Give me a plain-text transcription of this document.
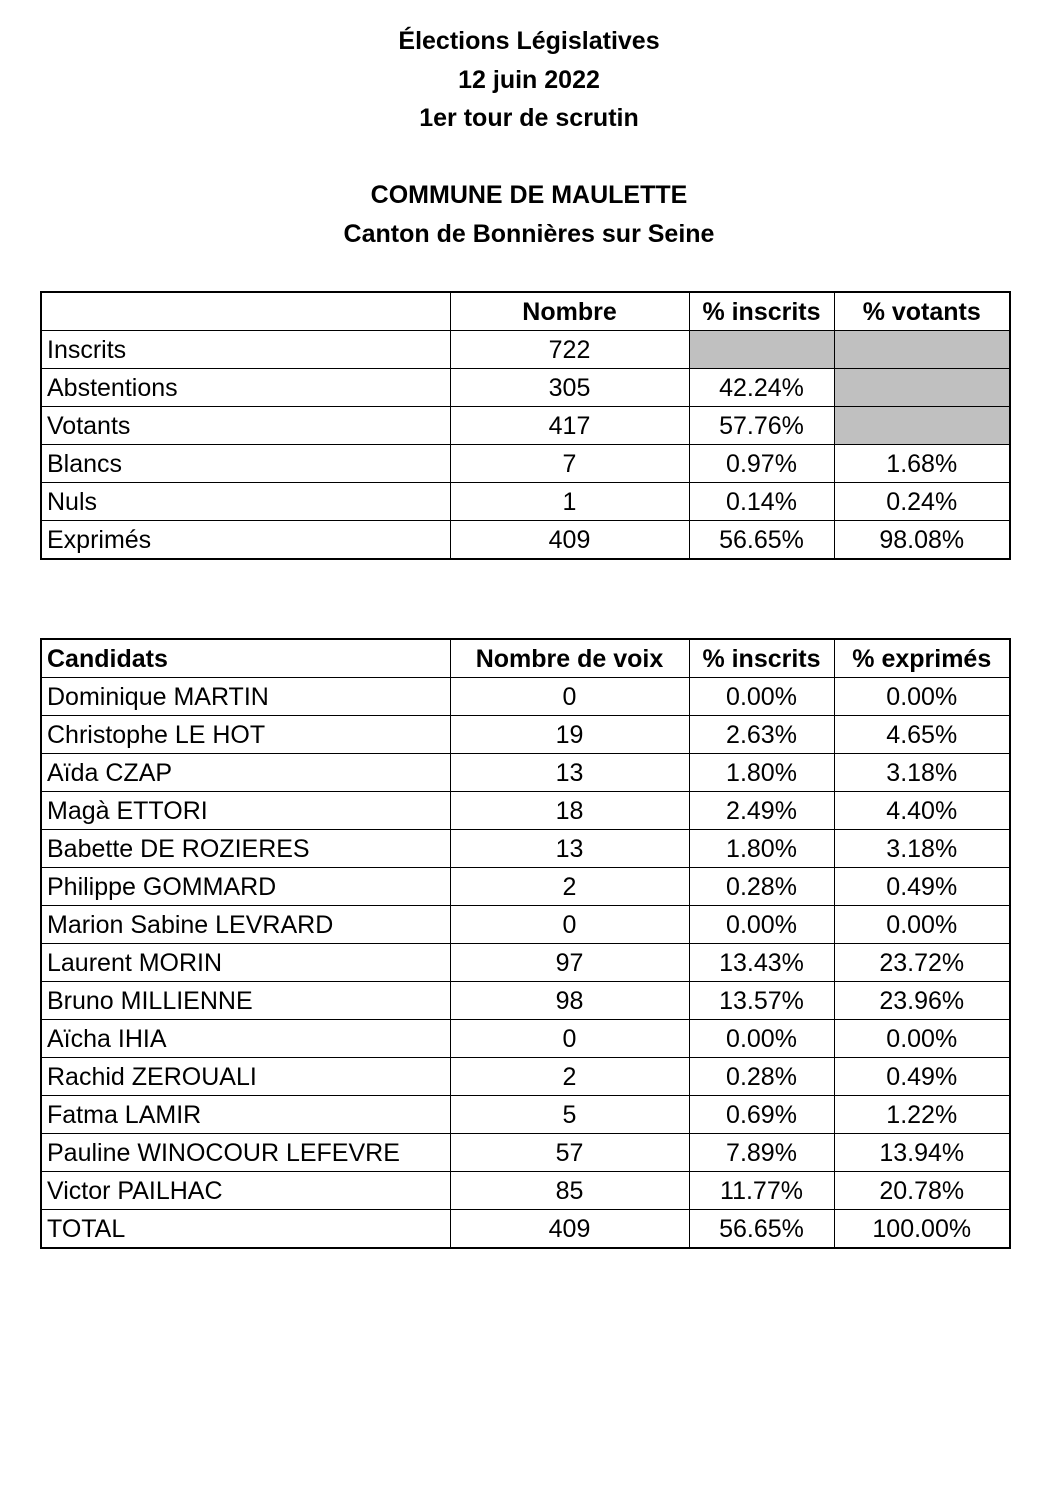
Élections Législatives
12 juin 2022
1er tour de scrutin
COMMUNE DE MAULETTE
Canton de Bonnières sur Seine
	Nombre	% inscrits	% votants
Inscrits	722		
Abstentions	305	42.24%	
Votants	417	57.76%	
Blancs	7	0.97%	1.68%
Nuls	1	0.14%	0.24%
Exprimés	409	56.65%	98.08%
Candidats	Nombre de voix	% inscrits	% exprimés
Dominique MARTIN	0	0.00%	0.00%
Christophe LE HOT	19	2.63%	4.65%
Aïda CZAP	13	1.80%	3.18%
Magà ETTORI	18	2.49%	4.40%
Babette DE ROZIERES	13	1.80%	3.18%
Philippe GOMMARD	2	0.28%	0.49%
Marion Sabine LEVRARD	0	0.00%	0.00%
Laurent MORIN	97	13.43%	23.72%
Bruno MILLIENNE	98	13.57%	23.96%
Aïcha IHIA	0	0.00%	0.00%
Rachid ZEROUALI	2	0.28%	0.49%
Fatma LAMIR	5	0.69%	1.22%
Pauline WINOCOUR LEFEVRE	57	7.89%	13.94%
Victor PAILHAC	85	11.77%	20.78%
TOTAL	409	56.65%	100.00%
